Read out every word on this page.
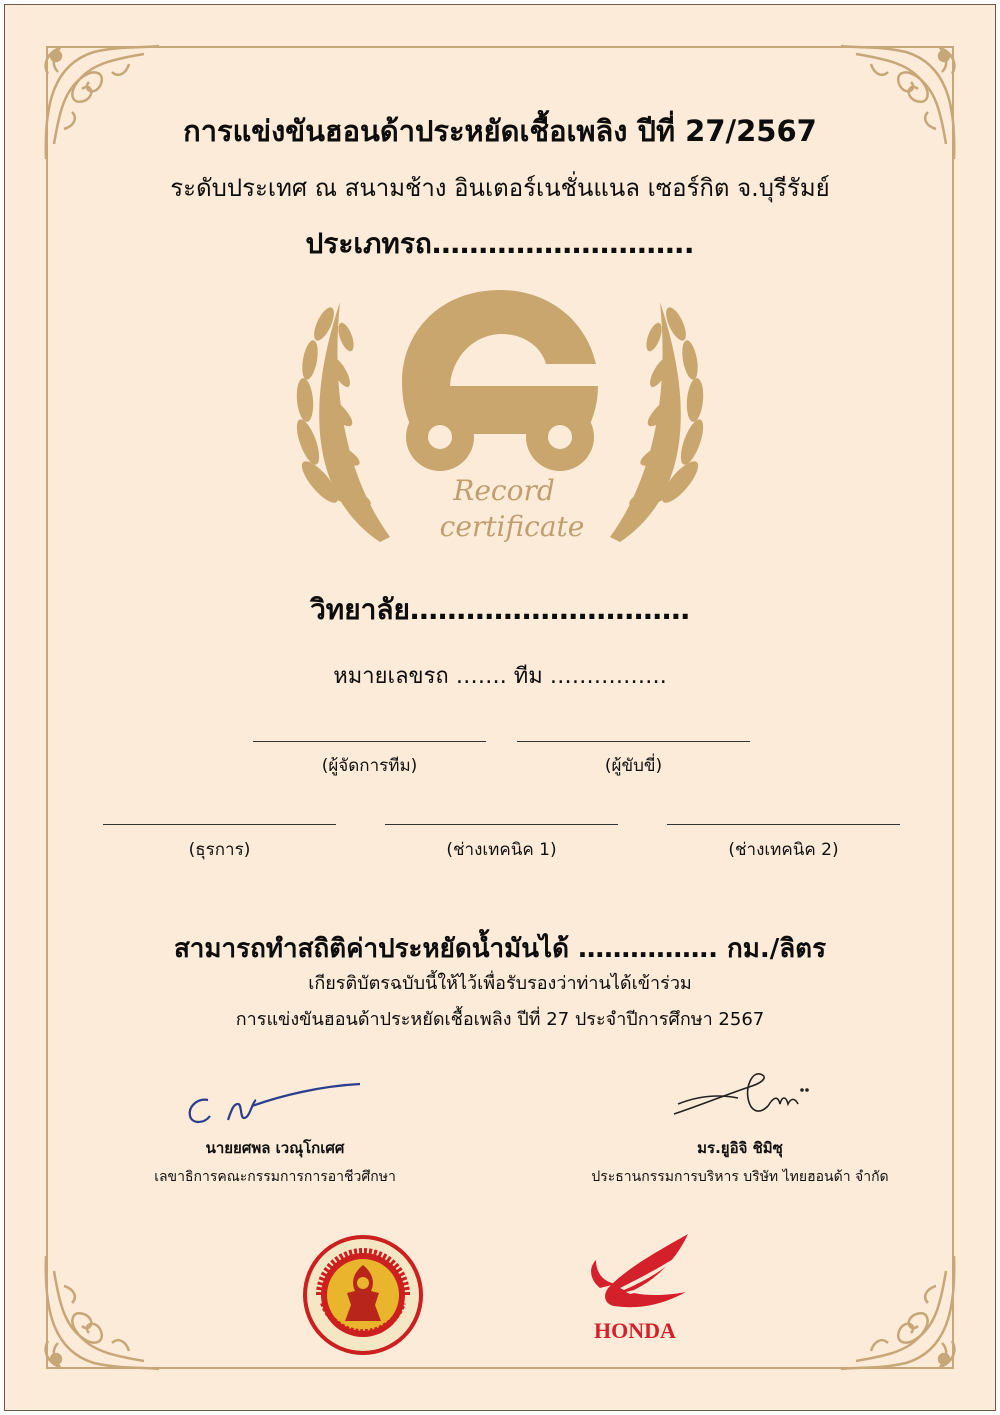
การแข่งขันฮอนด้าประหยัดเชื้อเพลิง ปีที่ 27/2567
ระดับประเทศ ณ สนามช้าง อินเตอร์เนชั่นแนล เซอร์กิต จ.บุรีรัมย์
ประเภทรถ……………………….
Record
certificate
วิทยาลัย…………………………
หมายเลขรถ ……. ทีม …………….
(ผู้จัดการทีม)	(ผู้ขับขี่)
(ธุรการ)	(ช่างเทคนิค 1)	(ช่างเทคนิค 2)
สามารถทำสถิติค่าประหยัดน้ำมันได้ ……………. กม./ลิตร
เกียรติบัตรฉบับนี้ให้ไว้เพื่อรับรองว่าท่านได้เข้าร่วม
การแข่งขันฮอนด้าประหยัดเชื้อเพลิง ปีที่ 27 ประจำปีการศึกษา 2567
นายยศพล เวณุโกเศศ
เลขาธิการคณะกรรมการการอาชีวศึกษา
มร.ยูอิจิ ชิมิซุ
ประธานกรรมการบริหาร บริษัท ไทยฮอนด้า จำกัด
HONDA
